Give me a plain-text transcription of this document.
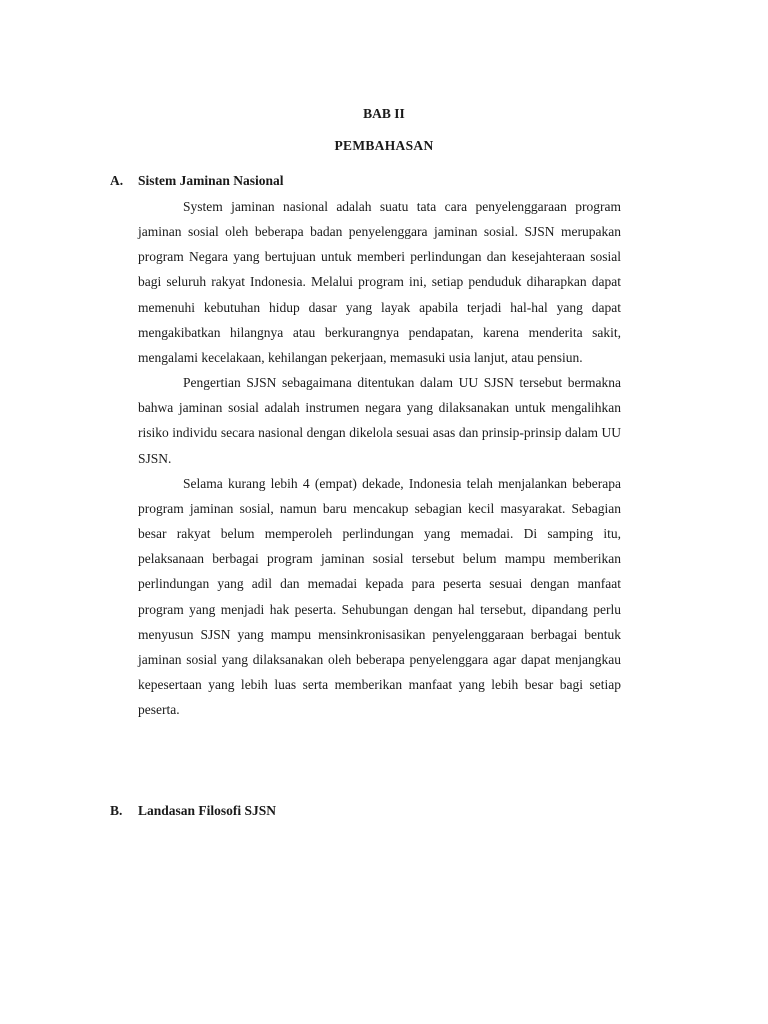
BAB II
PEMBAHASAN
A. Sistem Jaminan Nasional

System jaminan nasional adalah suatu tata cara penyelenggaraan program jaminan sosial oleh beberapa badan penyelenggara jaminan sosial. SJSN merupakan program Negara yang bertujuan untuk memberi perlindungan dan kesejahteraan sosial bagi seluruh rakyat Indonesia. Melalui program ini, setiap penduduk diharapkan dapat memenuhi kebutuhan hidup dasar yang layak apabila terjadi hal-hal yang dapat mengakibatkan hilangnya atau berkurangnya pendapatan, karena menderita sakit, mengalami kecelakaan, kehilangan pekerjaan, memasuki usia lanjut, atau pensiun.

Pengertian SJSN sebagaimana ditentukan dalam UU SJSN tersebut bermakna bahwa jaminan sosial adalah instrumen negara yang dilaksanakan untuk mengalihkan risiko individu secara nasional dengan dikelola sesuai asas dan prinsip-prinsip dalam UU SJSN.

Selama kurang lebih 4 (empat) dekade, Indonesia telah menjalankan beberapa program jaminan sosial, namun baru mencakup sebagian kecil masyarakat. Sebagian besar rakyat belum memperoleh perlindungan yang memadai. Di samping itu, pelaksanaan berbagai program jaminan sosial tersebut belum mampu memberikan perlindungan yang adil dan memadai kepada para peserta sesuai dengan manfaat program yang menjadi hak peserta. Sehubungan dengan hal tersebut, dipandang perlu menyusun SJSN yang mampu mensinkronisasikan penyelenggaraan berbagai bentuk jaminan sosial yang dilaksanakan oleh beberapa penyelenggara agar dapat menjangkau kepesertaan yang lebih luas serta memberikan manfaat yang lebih besar bagi setiap peserta.

B. Landasan Filosofi SJSN
